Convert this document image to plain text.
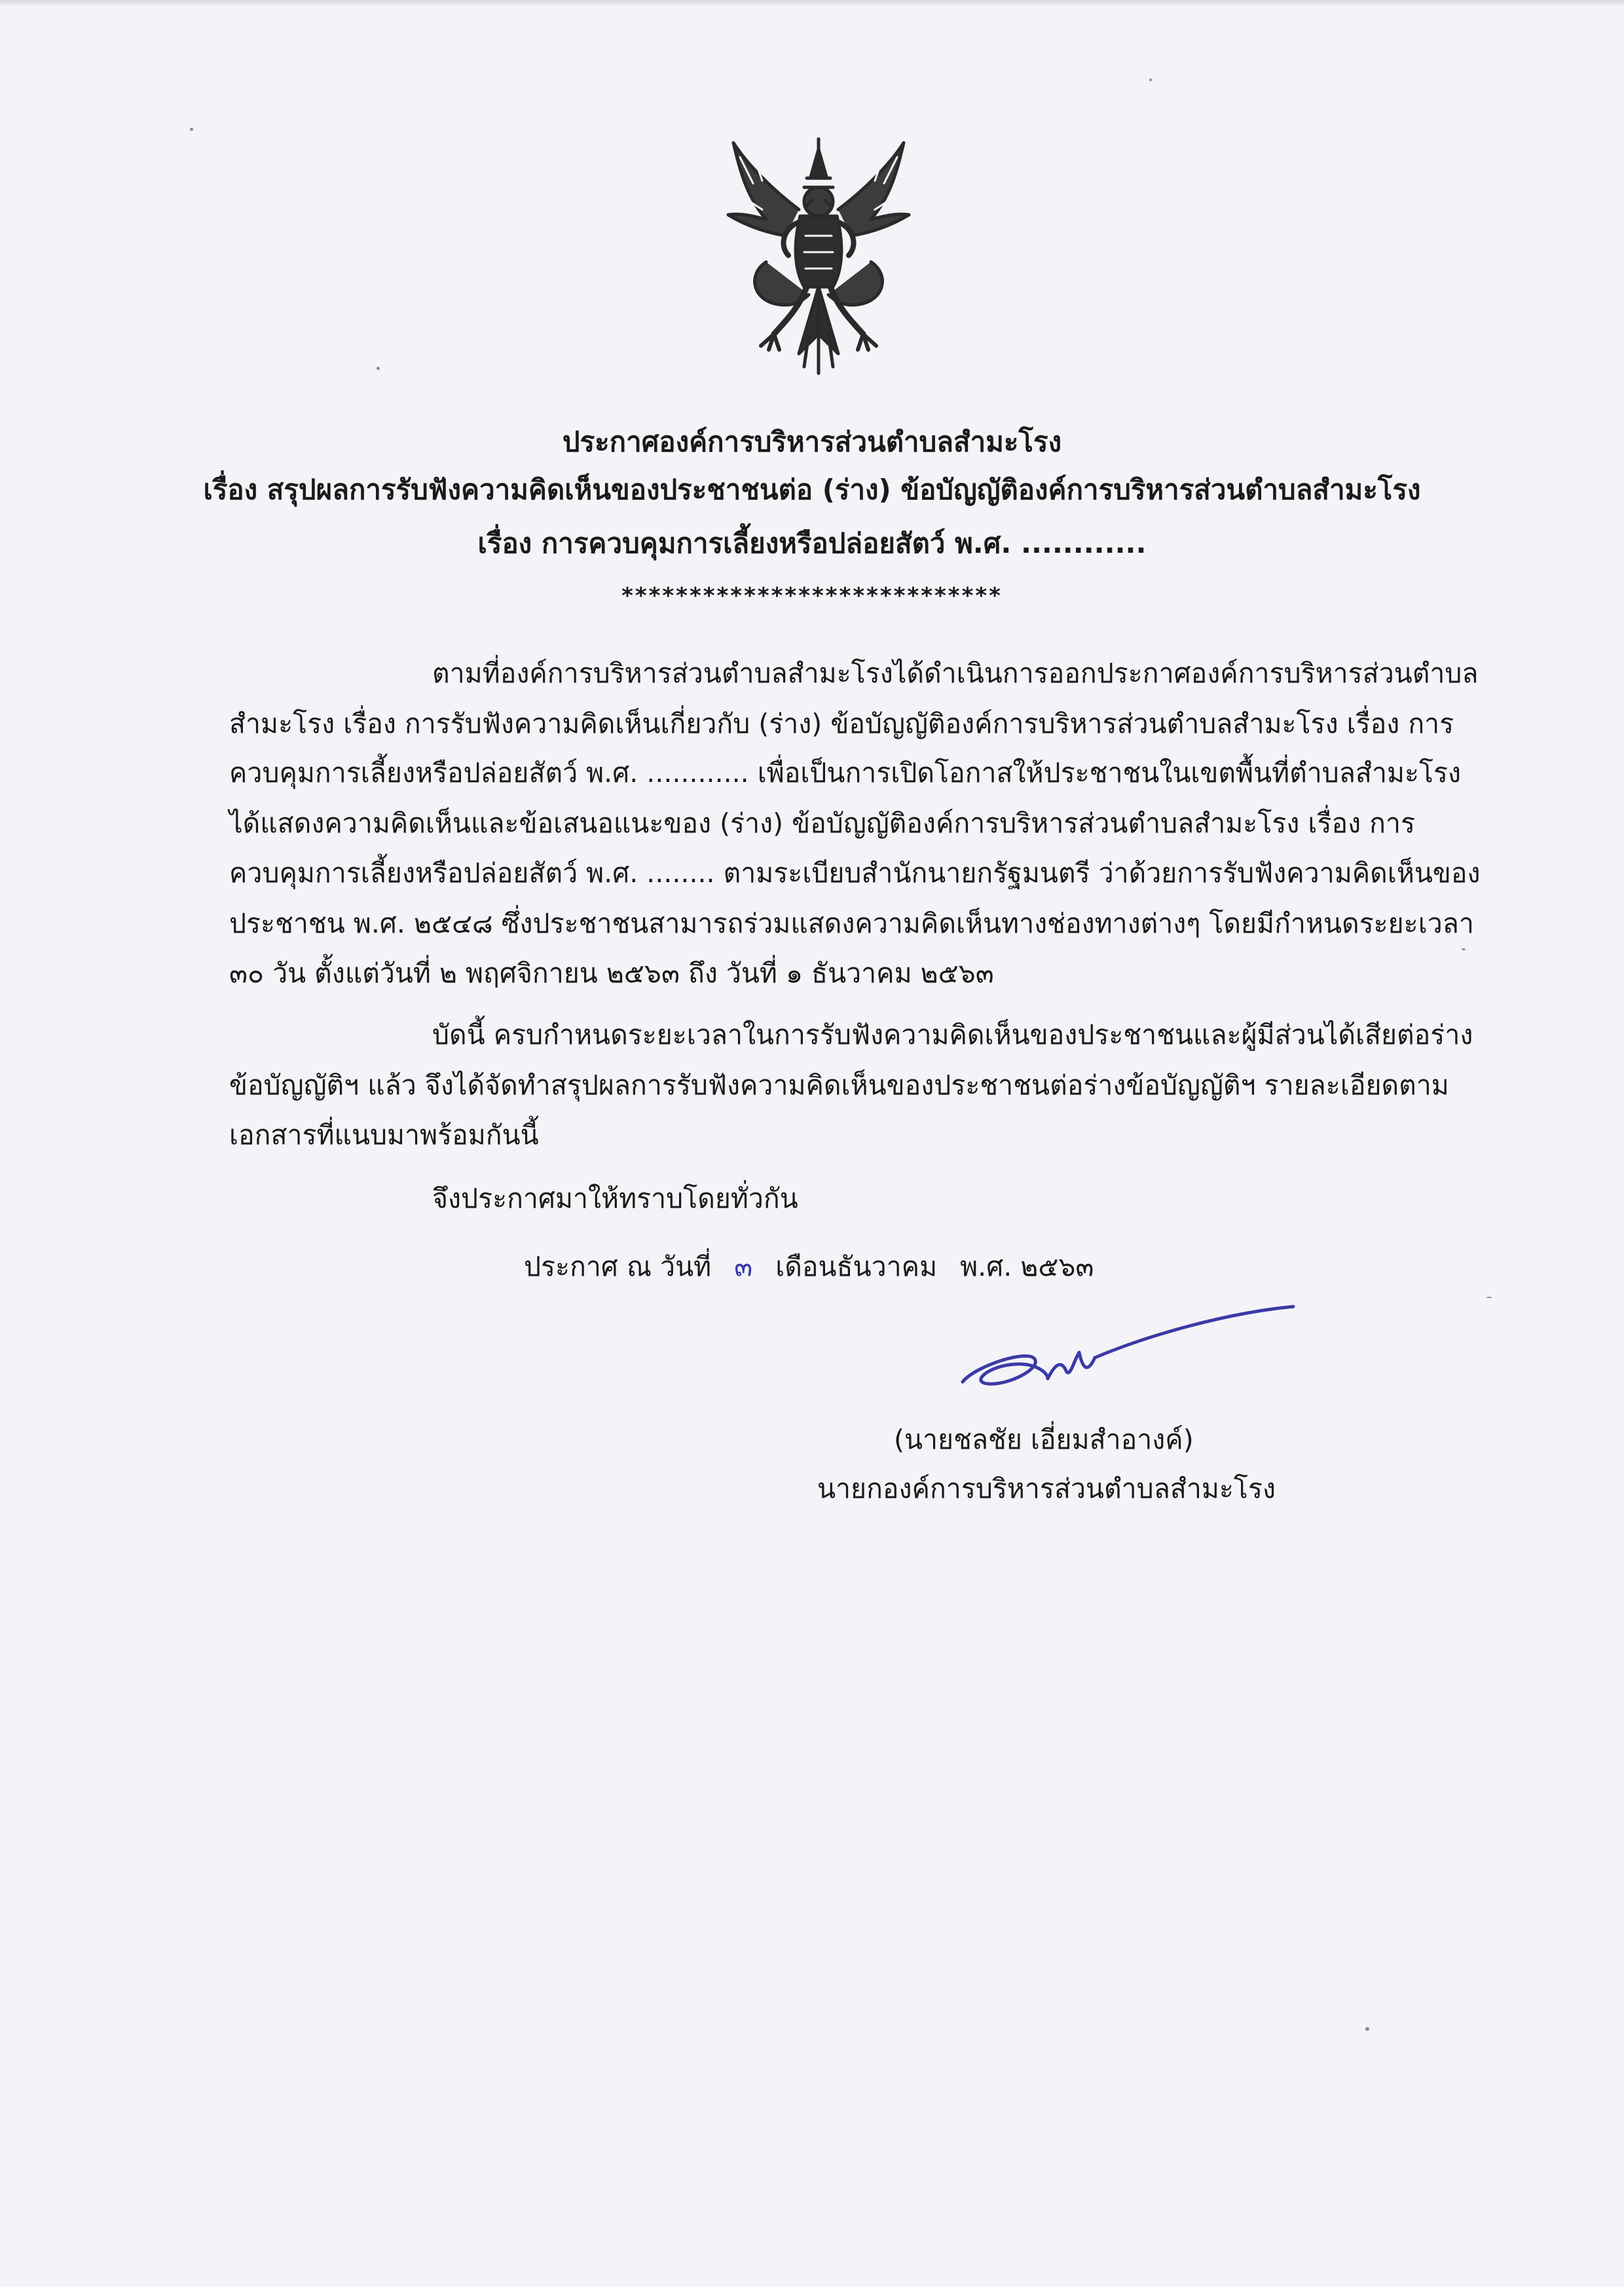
ประกาศองค์การบริหารส่วนตำบลสำมะโรง
เรื่อง สรุปผลการรับฟังความคิดเห็นของประชาชนต่อ (ร่าง) ข้อบัญญัติองค์การบริหารส่วนตำบลสำมะโรง
เรื่อง การควบคุมการเลี้ยงหรือปล่อยสัตว์ พ.ศ. ............
****************************
ตามที่องค์การบริหารส่วนตำบลสำมะโรงได้ดำเนินการออกประกาศองค์การบริหารส่วนตำบล
สำมะโรง เรื่อง การรับฟังความคิดเห็นเกี่ยวกับ (ร่าง) ข้อบัญญัติองค์การบริหารส่วนตำบลสำมะโรง เรื่อง การ
ควบคุมการเลี้ยงหรือปล่อยสัตว์ พ.ศ. ............ เพื่อเป็นการเปิดโอกาสให้ประชาชนในเขตพื้นที่ตำบลสำมะโรง
ได้แสดงความคิดเห็นและข้อเสนอแนะของ (ร่าง) ข้อบัญญัติองค์การบริหารส่วนตำบลสำมะโรง เรื่อง การ
ควบคุมการเลี้ยงหรือปล่อยสัตว์ พ.ศ. ........ ตามระเบียบสำนักนายกรัฐมนตรี ว่าด้วยการรับฟังความคิดเห็นของ
ประชาชน พ.ศ. ๒๕๔๘ ซึ่งประชาชนสามารถร่วมแสดงความคิดเห็นทางช่องทางต่างๆ โดยมีกำหนดระยะเวลา
๓๐ วัน ตั้งแต่วันที่ ๒ พฤศจิกายน ๒๕๖๓ ถึง วันที่ ๑ ธันวาคม ๒๕๖๓
บัดนี้ ครบกำหนดระยะเวลาในการรับฟังความคิดเห็นของประชาชนและผู้มีส่วนได้เสียต่อร่าง
ข้อบัญญัติฯ แล้ว จึงได้จัดทำสรุปผลการรับฟังความคิดเห็นของประชาชนต่อร่างข้อบัญญัติฯ รายละเอียดตาม
เอกสารที่แนบมาพร้อมกันนี้
จึงประกาศมาให้ทราบโดยทั่วกัน
ประกาศ ณ วันที่ ๓ เดือนธันวาคม พ.ศ. ๒๕๖๓
(นายชลชัย เอี่ยมสำอางค์)
นายกองค์การบริหารส่วนตำบลสำมะโรง
